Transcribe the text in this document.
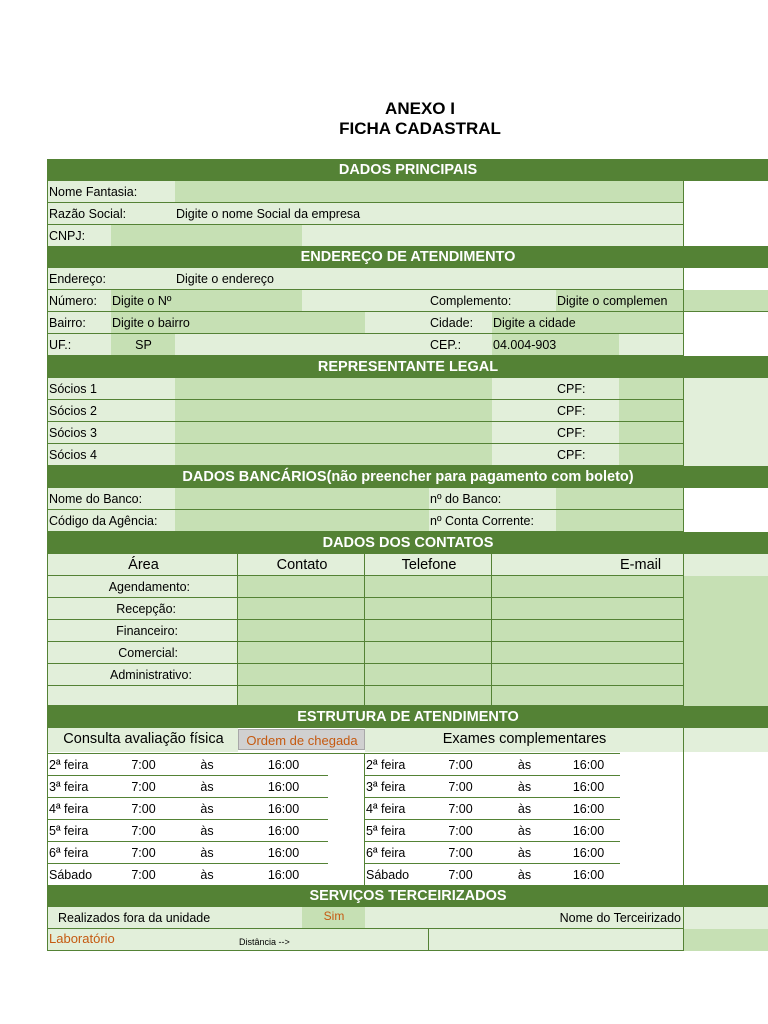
ANEXO I
FICHA CADASTRAL
DADOS PRINCIPAIS
Nome Fantasia:
Razão Social:	Digite o nome Social da empresa
CNPJ:
ENDEREÇO DE ATENDIMENTO
Endereço:	Digite o endereço
Número:	Digite o Nº	Complemento:	Digite o complemen
Bairro:	Digite o bairro	Cidade:	Digite a cidade
UF.:	SP	CEP.:	04.004-903
REPRESENTANTE LEGAL
Sócios 1	CPF:
Sócios 2	CPF:
Sócios 3	CPF:
Sócios 4	CPF:
DADOS BANCÁRIOS(não preencher para pagamento com boleto)
Nome do Banco:	nº do Banco:
Código da Agência:	nº Conta Corrente:
DADOS DOS CONTATOS
Área	Contato	Telefone	E-mail
Agendamento:
Recepção:
Financeiro:
Comercial:
Administrativo:
ESTRUTURA DE ATENDIMENTO
Consulta avaliação física	Ordem de chegada	Exames complementares
2ª feira	7:00	às	16:00
3ª feira	7:00	às	16:00
4ª feira	7:00	às	16:00
5ª feira	7:00	às	16:00
6ª feira	7:00	às	16:00
Sábado	7:00	às	16:00
2ª feira	7:00	às	16:00
3ª feira	7:00	às	16:00
4ª feira	7:00	às	16:00
5ª feira	7:00	às	16:00
6ª feira	7:00	às	16:00
Sábado	7:00	às	16:00
SERVIÇOS TERCEIRIZADOS
Realizados fora da unidade	Sim	Nome do Terceirizado
Laboratório	Distância -->
